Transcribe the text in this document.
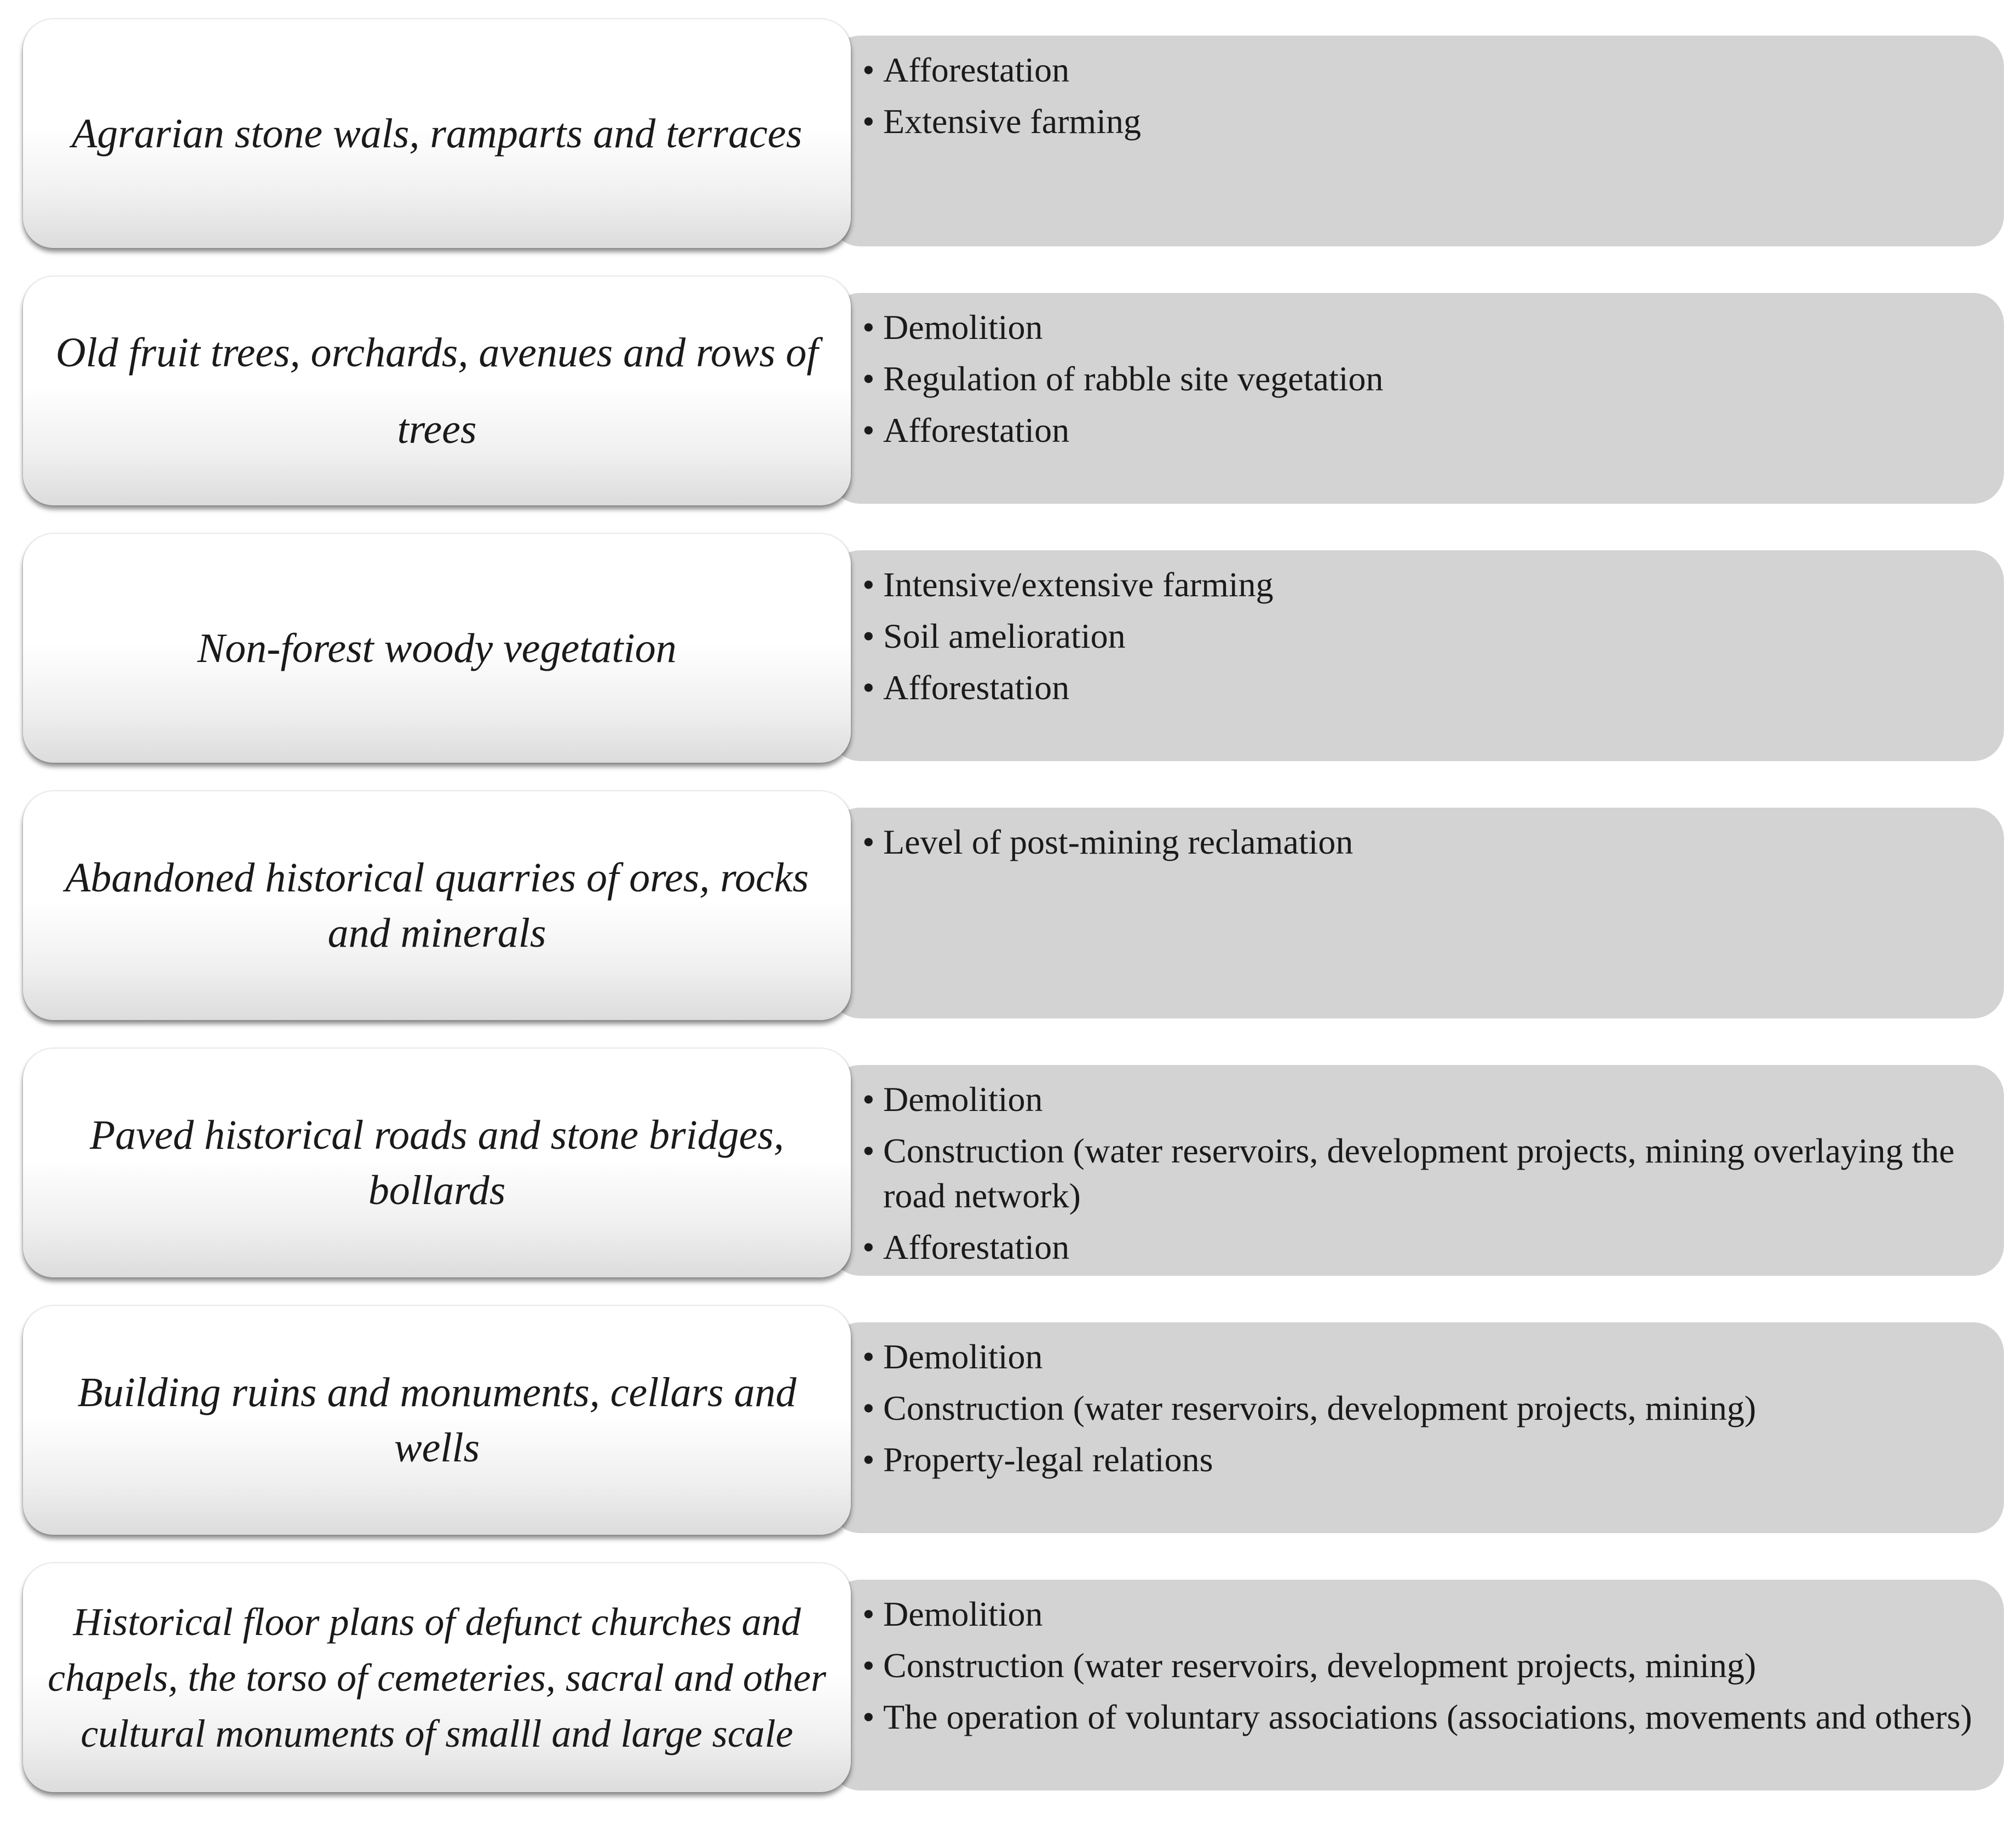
• Afforestation
• Extensive farming
Agrarian stone wals, ramparts and terraces
• Demolition
• Regulation of rabble site vegetation
• Afforestation
Old fruit trees, orchards, avenues and rows of trees
• Intensive/extensive farming
• Soil amelioration
• Afforestation
Non-forest woody vegetation
• Level of post-mining reclamation
Abandoned historical quarries of ores, rocks and minerals
• Demolition
• Construction (water reservoirs, development projects, mining overlaying the road network)
• Afforestation
Paved historical roads and stone bridges, bollards
• Demolition
• Construction (water reservoirs, development projects, mining)
• Property-legal relations
Building ruins and monuments, cellars and wells
• Demolition
• Construction (water reservoirs, development projects, mining)
• The operation of voluntary associations (associations, movements and others)
Historical floor plans of defunct churches and chapels, the torso of cemeteries, sacral and other cultural monuments of smalll and large scale
